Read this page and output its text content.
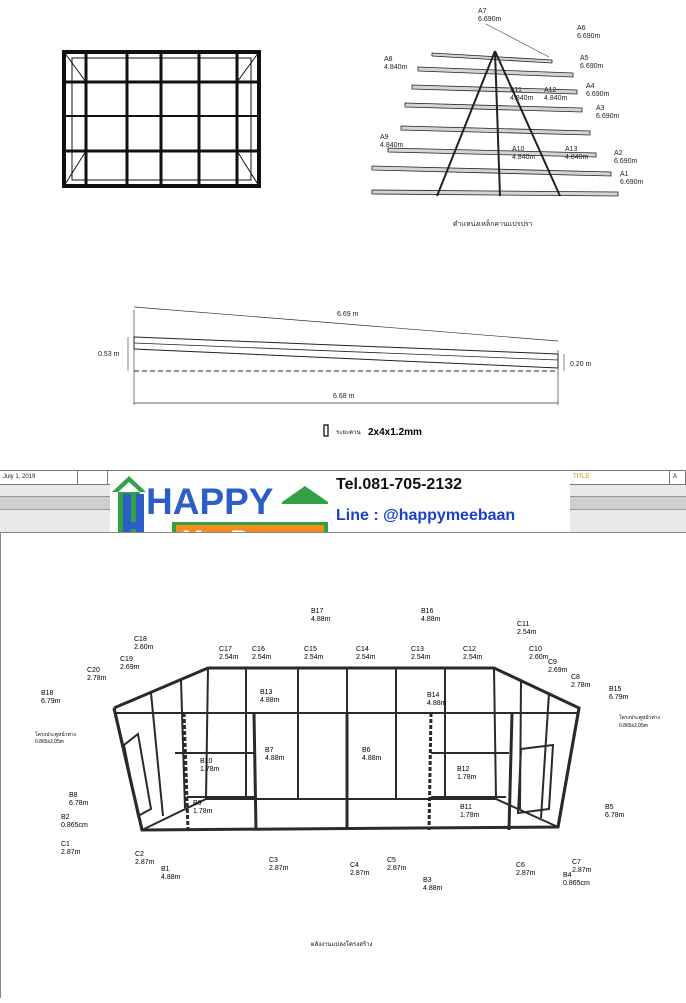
A7
6.690m
A6
6.690m
A8
4.840m
A5
6.690m
A4
6.690m
A11
4.840m
A12
4.840m
A3
6.690m
A9
4.840m
A10
4.840m
A13
4.840m
A2
6.690m
A1
6.690m
ตำแหน่งเหล็กคานแปรปรา
6.69 m
6.68 m
0.53 m
0.20 m
ระยะคาน 2x4x1.2mm
July 1, 2019	TITLE	A
HAPPY	Tel.081-705-2132
Line : @happymeebaan
B17
4.88m
B16
4.88m
C11
2.54m
C18
2.60m	C17
2.54m
C16
2.54m
C15
2.54m
C14
2.54m
C13
2.54m
C12
2.54m
C10
2.60m
C19
2.69m
C9
2.69m
C20
2.78m	C8
2.78m
B18
6.79m
B15
6.79m
B13
4.88m
B14
4.88m
B7
4.88m
B6
4.88m
B10
1.78m	B12
1.78m
B9
1.78m
B11
1.78m
B8
6.78m
B5
6.78m
B2
0.865cm
B4
0.865cm
C1
2.87m	C2
2.87m	C3
2.87m	C4
2.87m
C5
2.87m	C6
2.87m
C7
2.87m
B1
4.88m	B3
4.88m
โครงประตูหน้าต่าง
0.865x2.05m
โครงประตูหน้าต่าง
0.865x2.05m
ผลังงานแปลงโครงสร้าง
